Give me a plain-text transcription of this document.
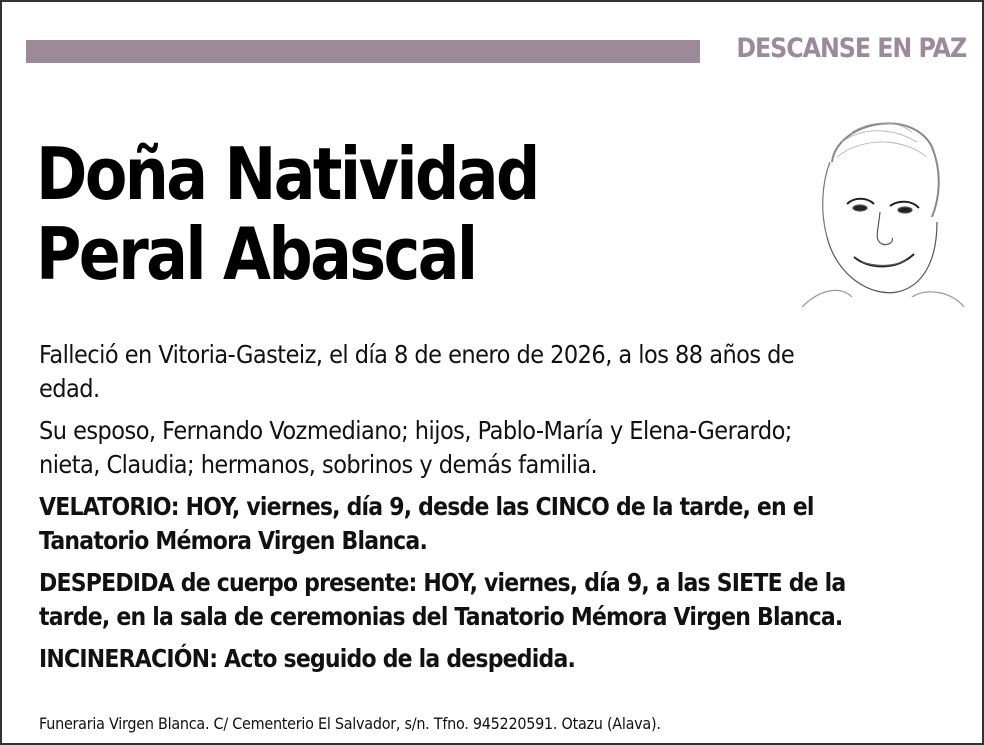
DESCANSE EN PAZ
Doña Natividad
Peral Abascal

Falleció en Vitoria-Gasteiz, el día 8 de enero de 2026, a los 88 años de
edad.

Su esposo, Fernando Vozmediano; hijos, Pablo-María y Elena-Gerardo;
nieta, Claudia; hermanos, sobrinos y demás familia.

VELATORIO: HOY, viernes, día 9, desde las CINCO de la tarde, en el
Tanatorio Mémora Virgen Blanca.

DESPEDIDA de cuerpo presente: HOY, viernes, día 9, a las SIETE de la
tarde, en la sala de ceremonias del Tanatorio Mémora Virgen Blanca.

INCINERACIÓN: Acto seguido de la despedida.

Funeraria Virgen Blanca. C/ Cementerio El Salvador, s/n. Tfno. 945220591. Otazu (Alava).
